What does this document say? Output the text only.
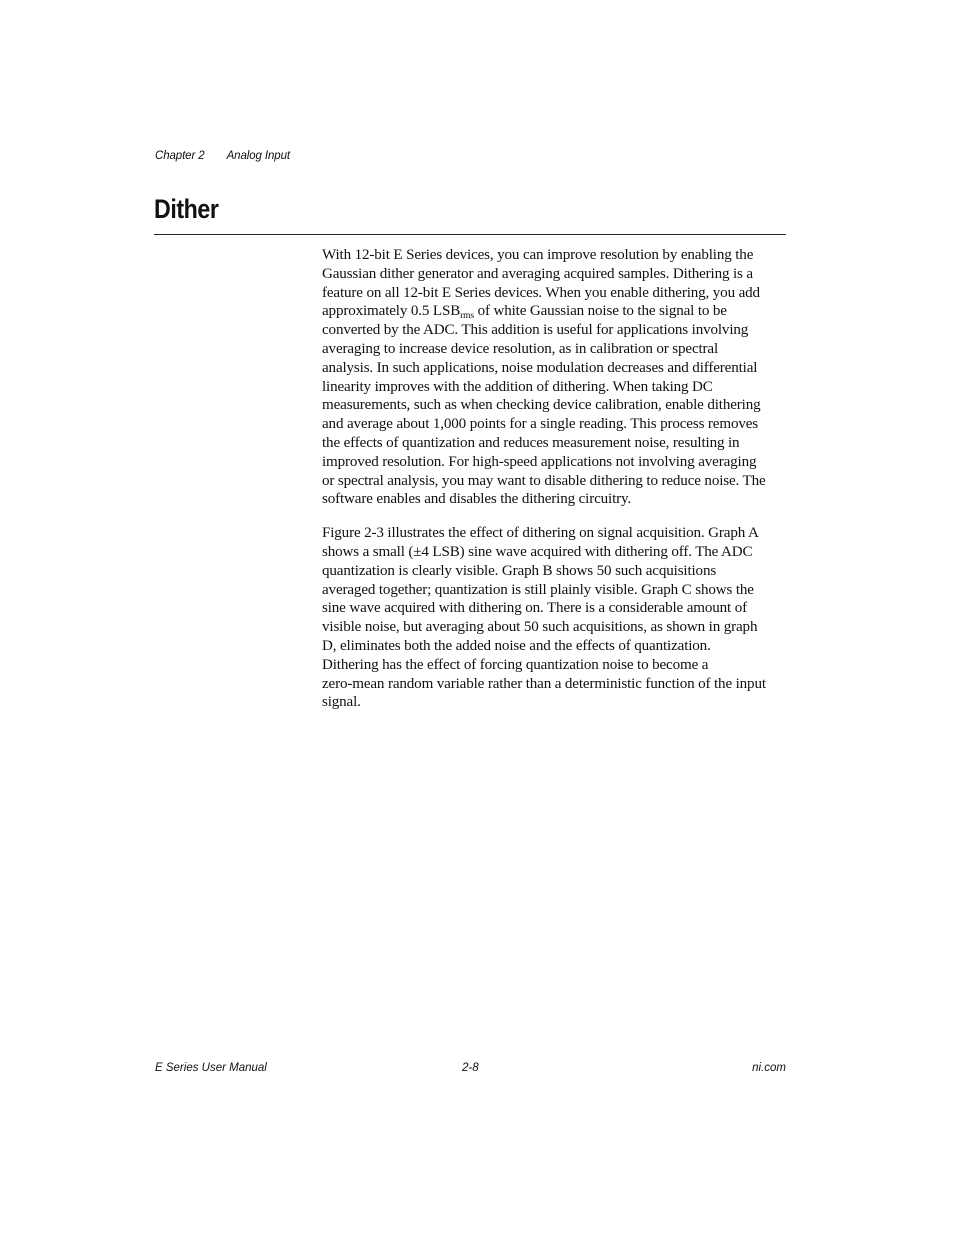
Chapter 2 Analog Input
Dither

With 12-bit E Series devices, you can improve resolution by enabling the
Gaussian dither generator and averaging acquired samples. Dithering is a
feature on all 12-bit E Series devices. When you enable dithering, you add
approximately 0.5 $LSB_{rms}$ of white Gaussian noise to the signal to be
converted by the ADC. This addition is useful for applications involving
averaging to increase device resolution, as in calibration or spectral
analysis. In such applications, noise modulation decreases and differential
linearity improves with the addition of dithering. When taking DC
measurements, such as when checking device calibration, enable dithering
and average about 1,000 points for a single reading. This process removes
the effects of quantization and reduces measurement noise, resulting in
improved resolution. For high-speed applications not involving averaging
or spectral analysis, you may want to disable dithering to reduce noise. The
software enables and disables the dithering circuitry.

Figure 2-3 illustrates the effect of dithering on signal acquisition. Graph A
shows a small (±4 LSB) sine wave acquired with dithering off. The ADC
quantization is clearly visible. Graph B shows 50 such acquisitions
averaged together; quantization is still plainly visible. Graph C shows the
sine wave acquired with dithering on. There is a considerable amount of
visible noise, but averaging about 50 such acquisitions, as shown in graph
D, eliminates both the added noise and the effects of quantization.
Dithering has the effect of forcing quantization noise to become a
zero-mean random variable rather than a deterministic function of the input
signal.

E Series User Manual	2-8	ni.com
